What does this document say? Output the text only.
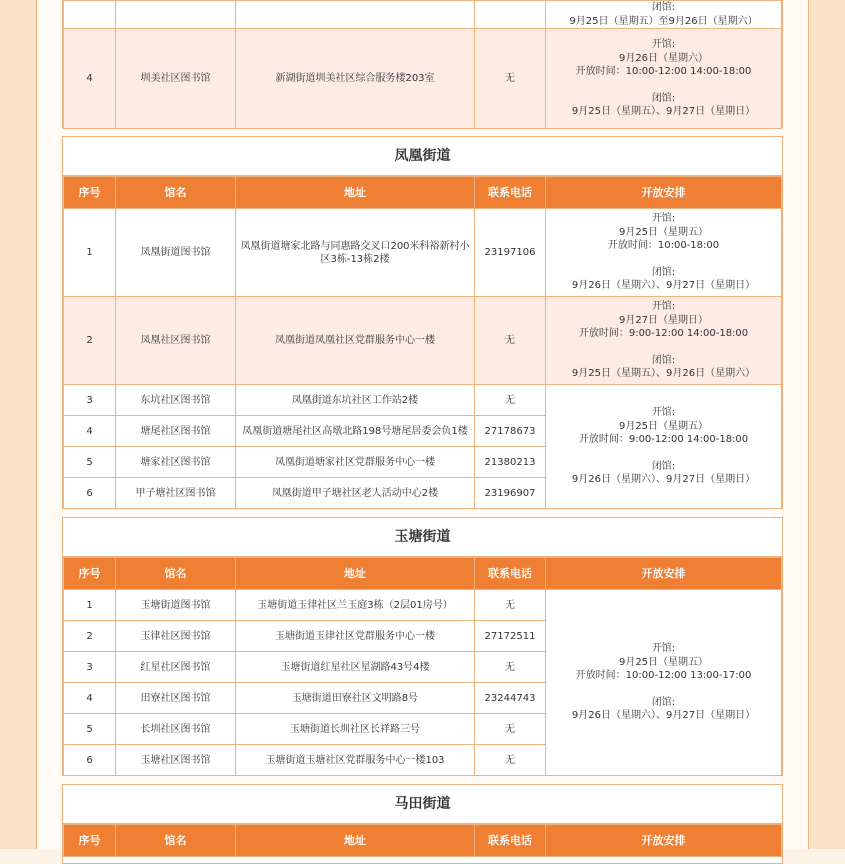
				闭馆:
9月25日（星期五）至9月26日（星期六）

4	圳美社区图书馆	新湖街道圳美社区综合服务楼203室	无	开馆:
9月26日（星期六）
开放时间：10:00-12:00 14:00-18:00
闭馆:
9月25日（星期五）、9月27日（星期日）
凤凰街道
序号	馆名	地址	联系电话	开放安排
1	凤凰街道图书馆	凤凰街道塘家北路与同惠路交叉口200米科裕新村小区3栋-13栋2楼	23197106	开馆:
9月25日（星期五）
开放时间：10:00-18:00
闭馆:
9月26日（星期六）、9月27日（星期日）

2	凤凰社区图书馆	凤凰街道凤凰社区党群服务中心一楼	无	开馆:
9月27日（星期日）
开放时间：9:00-12:00 14:00-18:00
闭馆:
9月25日（星期五）、9月26日（星期六）

3	东坑社区图书馆	凤凰街道东坑社区工作站2楼	无	开馆:
9月25日（星期五）
开放时间：9:00-12:00 14:00-18:00
闭馆:
9月26日（星期六）、9月27日（星期日）

4	塘尾社区图书馆	凤凰街道塘尾社区高墩北路198号塘尾居委会负1楼	27178673	
5	塘家社区图书馆	凤凰街道塘家社区党群服务中心一楼	21380213	
6	甲子塘社区图书馆	凤凰街道甲子塘社区老人活动中心2楼	23196907	
玉塘街道
序号	馆名	地址	联系电话	开放安排
1	玉塘街道图书馆	玉塘街道玉律社区兰玉庭3栋（2层01房号）	无	开馆:
9月25日（星期五）
开放时间：10:00-12:00 13:00-17:00
闭馆:
9月26日（星期六）、9月27日（星期日）

2	玉律社区图书馆	玉塘街道玉律社区党群服务中心一楼	27172511	
3	红星社区图书馆	玉塘街道红星社区星湖路43号4楼	无	
4	田寮社区图书馆	玉塘街道田寮社区文明路8号	23244743	
5	长圳社区图书馆	玉塘街道长圳社区长祥路三号	无	
6	玉塘社区图书馆	玉塘街道玉塘社区党群服务中心一楼103	无	
马田街道
序号	馆名	地址	联系电话	开放安排
